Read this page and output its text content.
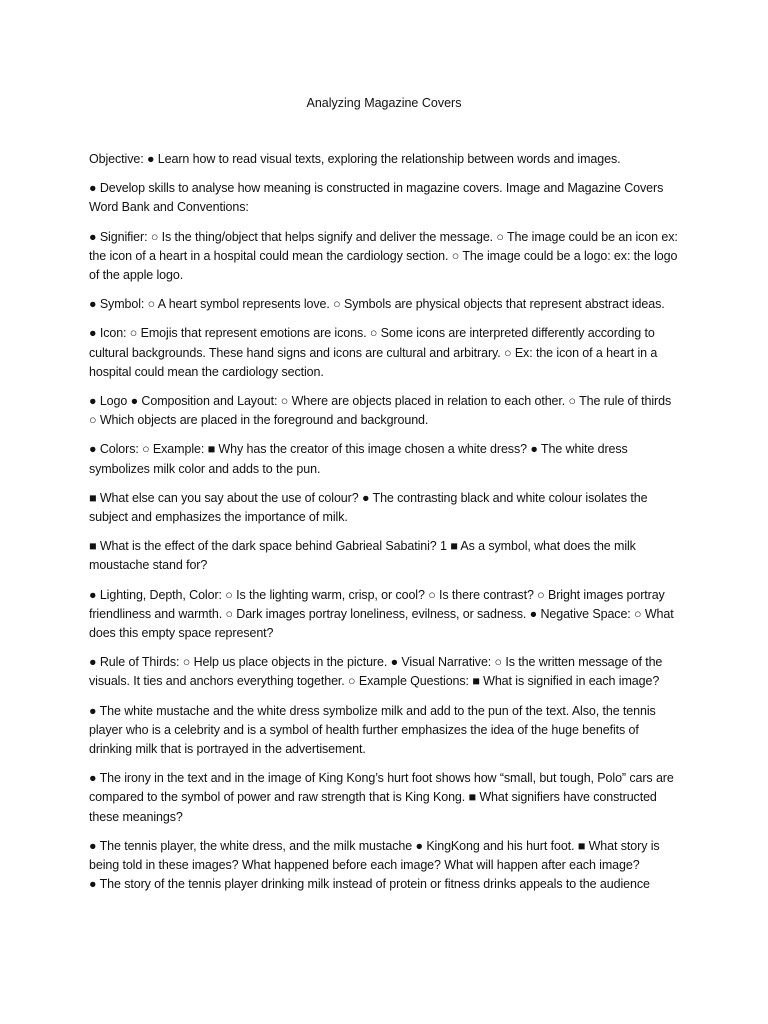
Analyzing Magazine Covers

Objective: ● Learn how to read visual texts, exploring the relationship between words and images.

● Develop skills to analyse how meaning is constructed in magazine covers. Image and Magazine Covers Word Bank and Conventions:

● Signifier: ○ Is the thing/object that helps signify and deliver the message. ○ The image could be an icon ex: the icon of a heart in a hospital could mean the cardiology section. ○ The image could be a logo: ex: the logo of the apple logo.

● Symbol: ○ A heart symbol represents love. ○ Symbols are physical objects that represent abstract ideas.

● Icon: ○ Emojis that represent emotions are icons. ○ Some icons are interpreted differently according to cultural backgrounds. These hand signs and icons are cultural and arbitrary. ○ Ex: the icon of a heart in a hospital could mean the cardiology section.

● Logo ● Composition and Layout: ○ Where are objects placed in relation to each other. ○ The rule of thirds ○ Which objects are placed in the foreground and background.

● Colors: ○ Example: ■ Why has the creator of this image chosen a white dress? ● The white dress symbolizes milk color and adds to the pun.

■ What else can you say about the use of colour? ● The contrasting black and white colour isolates the subject and emphasizes the importance of milk.

■ What is the effect of the dark space behind Gabrieal Sabatini? 1 ■ As a symbol, what does the milk moustache stand for?

● Lighting, Depth, Color: ○ Is the lighting warm, crisp, or cool? ○ Is there contrast? ○ Bright images portray friendliness and warmth. ○ Dark images portray loneliness, evilness, or sadness. ● Negative Space: ○ What does this empty space represent?

● Rule of Thirds: ○ Help us place objects in the picture. ● Visual Narrative: ○ Is the written message of the visuals. It ties and anchors everything together. ○ Example Questions: ■ What is signified in each image?

● The white mustache and the white dress symbolize milk and add to the pun of the text. Also, the tennis player who is a celebrity and is a symbol of health further emphasizes the idea of the huge benefits of drinking milk that is portrayed in the advertisement.

● The irony in the text and in the image of King Kong’s hurt foot shows how “small, but tough, Polo” cars are compared to the symbol of power and raw strength that is King Kong. ■ What signifiers have constructed these meanings?

● The tennis player, the white dress, and the milk mustache ● KingKong and his hurt foot. ■ What story is being told in these images? What happened before each image? What will happen after each image?

● The story of the tennis player drinking milk instead of protein or fitness drinks appeals to the audience
